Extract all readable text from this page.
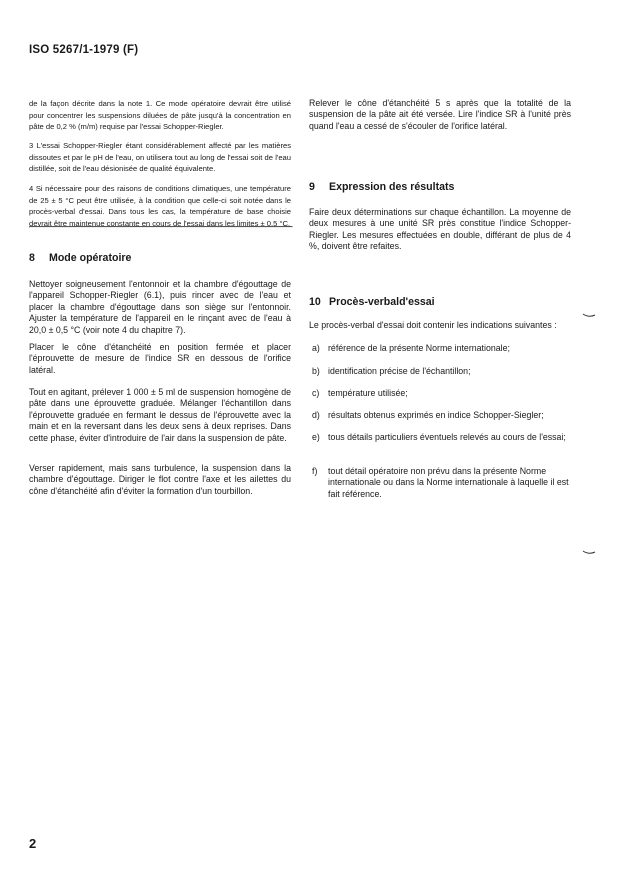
ISO 5267/1-1979 (F)

de la façon décrite dans la note 1. Ce mode opératoire devrait être utilisé pour concentrer les suspensions diluées de pâte jusqu'à la concentration en pâte de 0,2 % (m/m) requise par l'essai Schopper-Riegler.

3 L'essai Schopper-Riegler étant considérablement affecté par les matières dissoutes et par le pH de l'eau, on utilisera tout au long de l'essai soit de l'eau distillée, soit de l'eau désionisée de qualité équivalente.

4 Si nécessaire pour des raisons de conditions climatiques, une température de 25 ± 5 °C peut être utilisée, à la condition que celle-ci soit notée dans le procès-verbal d'essai. Dans tous les cas, la température de base choisie devrait être maintenue constante en cours de l'essai dans les limites ± 0,5 °C.

8 Mode opératoire

Nettoyer soigneusement l'entonnoir et la chambre d'égouttage de l'appareil Schopper-Riegler (6.1), puis rincer avec de l'eau et placer la chambre d'égouttage dans son siège sur l'entonnoir. Ajuster la température de l'appareil en le rinçant avec de l'eau à 20,0 ± 0,5 °C (voir note 4 du chapitre 7).

Placer le cône d'étanchéité en position fermée et placer l'éprouvette de mesure de l'indice SR en dessous de l'orifice latéral.

Tout en agitant, prélever 1 000 ± 5 ml de suspension homogène de pâte dans une éprouvette graduée. Mélanger l'échantillon dans l'éprouvette graduée en fermant le dessus de l'éprouvette avec la main et en la reversant dans les deux sens à deux reprises. Dans cette phase, éviter d'introduire de l'air dans la suspension de pâte.

Verser rapidement, mais sans turbulence, la suspension dans la chambre d'égouttage. Diriger le flot contre l'axe et les ailettes du cône d'étanchéité afin d'éviter la formation d'un tourbillon.

Relever le cône d'étanchéité 5 s après que la totalité de la suspension de la pâte ait été versée. Lire l'indice SR à l'unité près quand l'eau a cessé de s'écouler de l'orifice latéral.

9 Expression des résultats

Faire deux déterminations sur chaque échantillon. La moyenne de deux mesures à une unité SR près constitue l'indice Schopper-Riegler. Les mesures effectuées en double, différant de plus de 4 %, doivent être refaites.

10 Procès-verbald'essai

Le procès-verbal d'essai doit contenir les indications suivantes :

a) référence de la présente Norme internationale;
b) identification précise de l'échantillon;
c) température utilisée;
d) résultats obtenus exprimés en indice Schopper-Siegler;
e) tous détails particuliers éventuels relevés au cours de l'essai;
f)	tout détail opératoire non prévu dans la présente Norme internationale ou dans la Norme internationale à laquelle il est fait référence.
2
